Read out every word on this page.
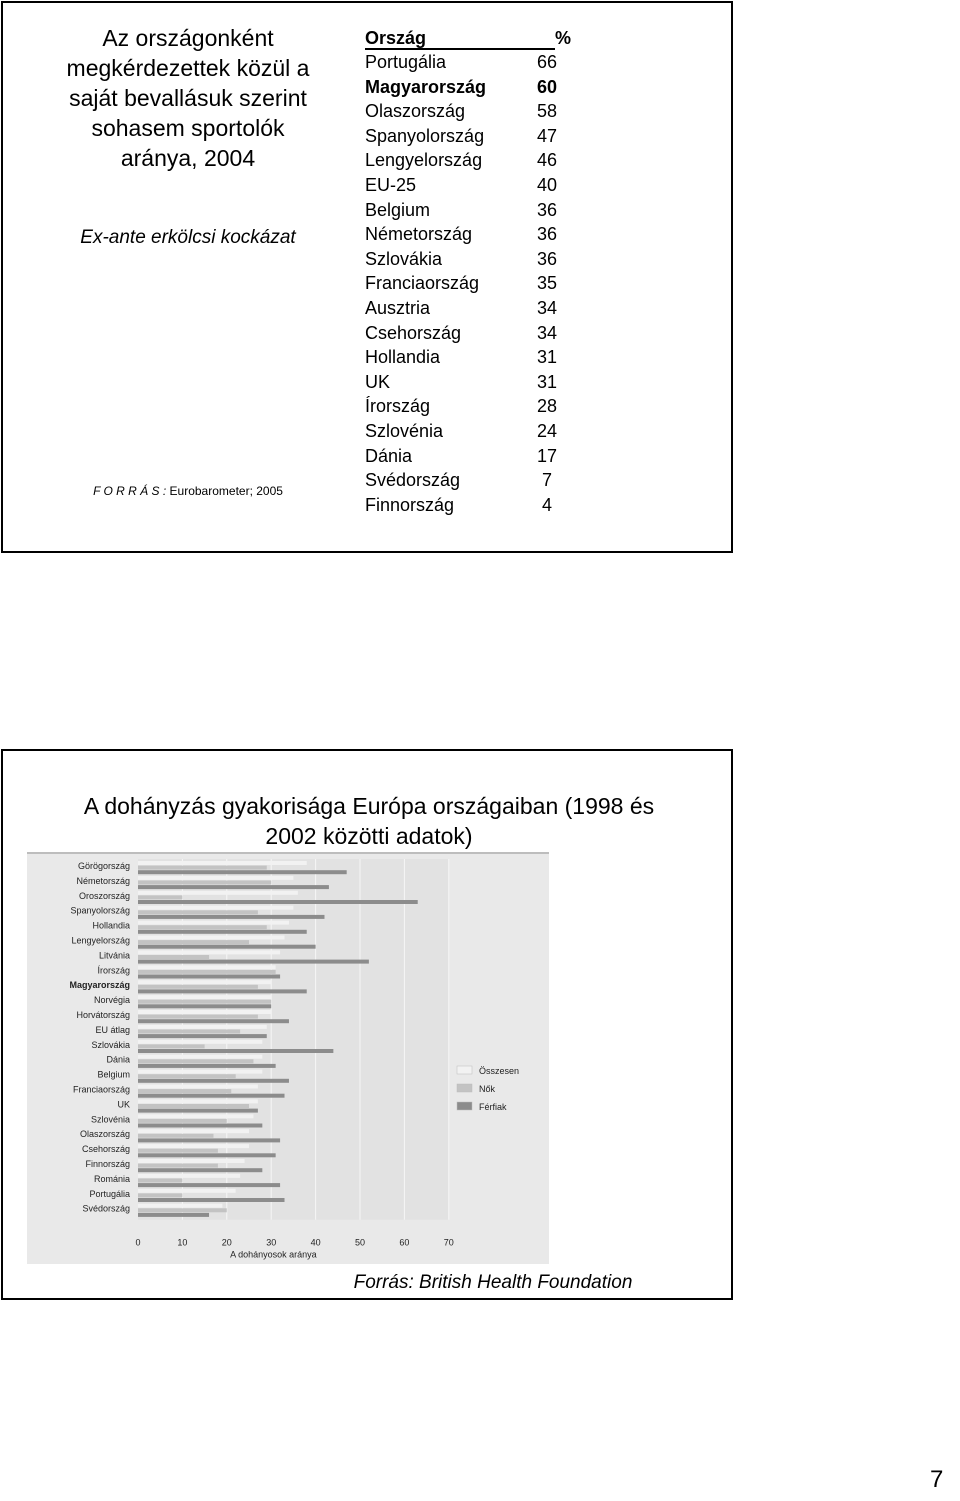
Az országonként
megkérdezettek közül a
saját bevallásuk szerint
sohasem sportolók
aránya, 2004
Ex-ante erkölcsi kockázat
F O R R Á S : Eurobarometer; 2005
Ország	%
Portugália	66
Magyarország	60
Olaszország	58
Spanyolország	47
Lengyelország	46
EU-25	40
Belgium	36
Németország	36
Szlovákia	36
Franciaország	35
Ausztria	34
Csehország	34
Hollandia	31
UK	31
Írország	28
Szlovénia	24
Dánia	17
Svédország	7
Finnország	4
A dohányzás gyakorisága Európa országaiban (1998 és
2002 közötti adatok)
0	10	20	30	40	50	60	70
A dohányosok aránya
Görögország
Németország
Oroszország
Spanyolország
Hollandia
Lengyelország
Litvánia
Írország
Magyarország
Norvégia
Horvátország
EU átlag
Szlovákia
Dánia
Belgium
Franciaország
UK
Szlovénia
Olaszország
Csehország
Finnország
Románia
Portugália
Svédország
Összesen
Nők
Férfiak
Forrás: British Health Foundation
7
